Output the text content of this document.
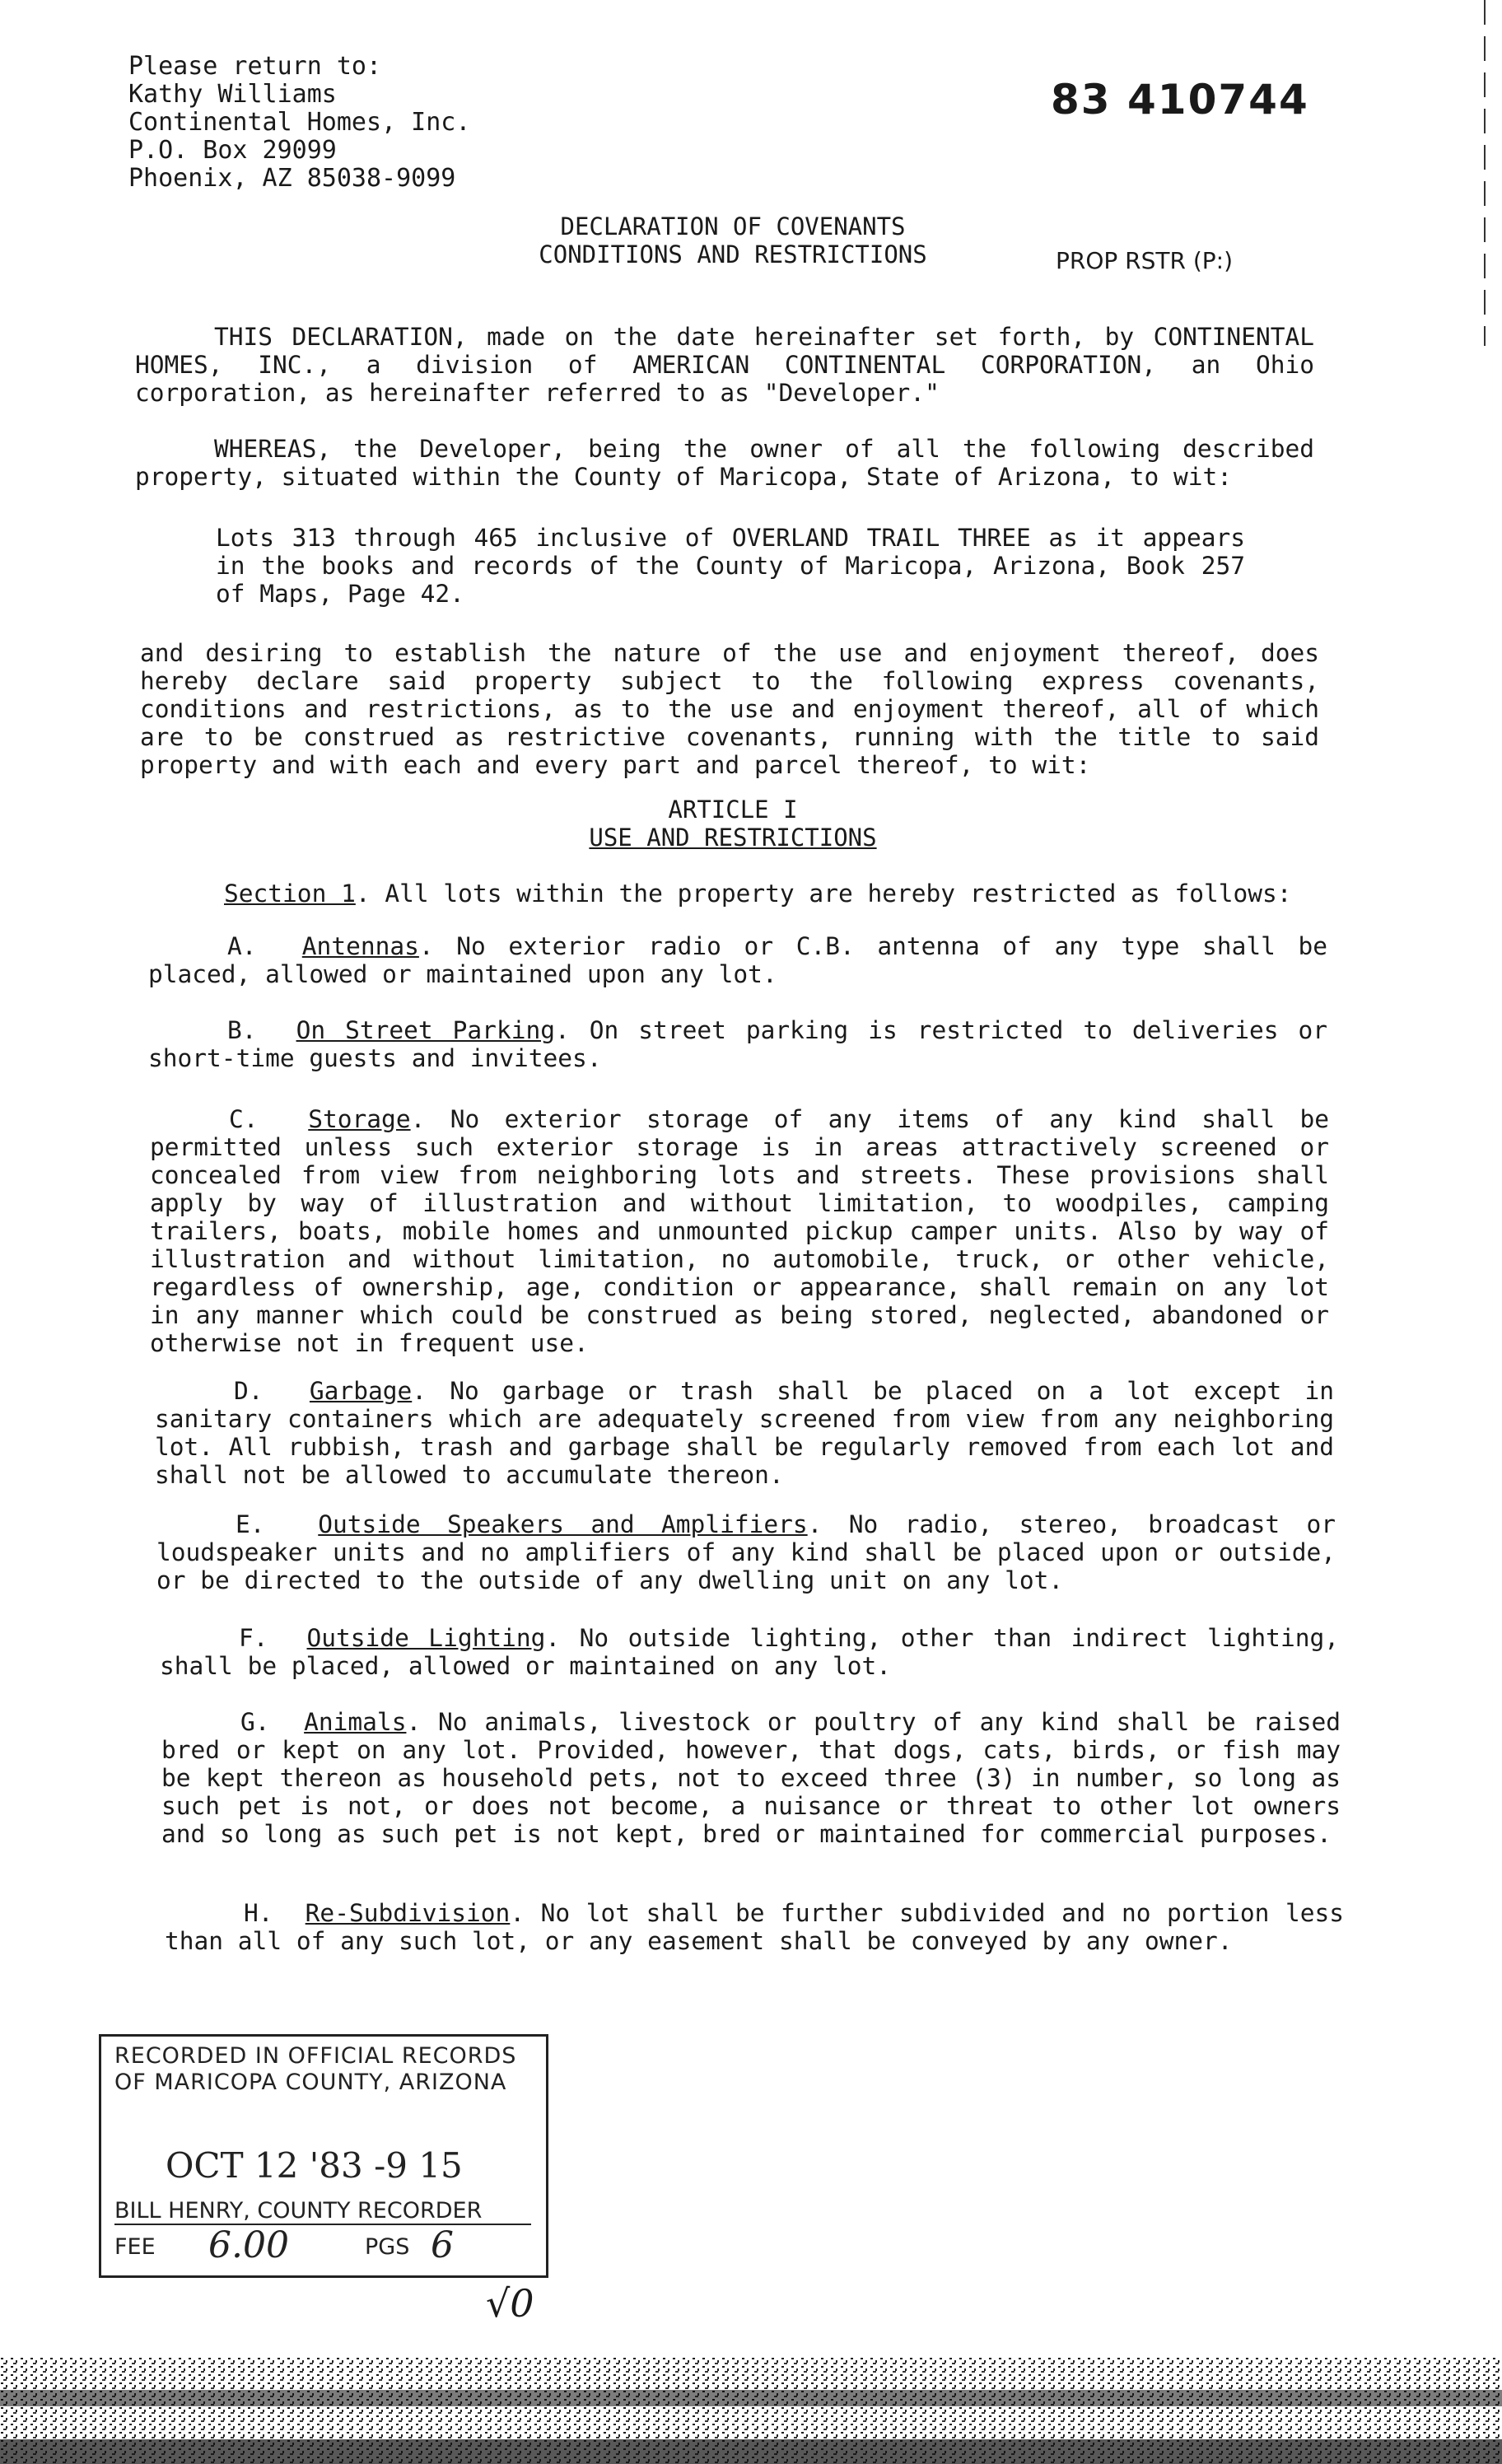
Please return to:
Kathy Williams
Continental Homes, Inc.
P.O. Box 29099
Phoenix, AZ 85038-9099
83 410744
DECLARATION OF COVENANTS
CONDITIONS AND RESTRICTIONS	PROP RSTR (P:)
THIS DECLARATION, made on the date hereinafter set forth, by CONTINENTAL HOMES, INC., a division of AMERICAN CONTINENTAL CORPORATION, an Ohio corporation, as hereinafter referred to as "Developer."
WHEREAS, the Developer, being the owner of all the following described property, situated within the County of Maricopa, State of Arizona, to wit:
Lots 313 through 465 inclusive of OVERLAND TRAIL THREE as it appears in the books and records of the County of Maricopa, Arizona, Book 257 of Maps, Page 42.
and desiring to establish the nature of the use and enjoyment thereof, does hereby declare said property subject to the following express covenants, conditions and restrictions, as to the use and enjoyment thereof, all of which are to be construed as restrictive covenants, running with the title to said property and with each and every part and parcel thereof, to wit:
ARTICLE I
USE AND RESTRICTIONS
Section 1. All lots within the property are hereby restricted as follows:
A. Antennas. No exterior radio or C.B. antenna of any type shall be placed, allowed or maintained upon any lot.
B. On Street Parking. On street parking is restricted to deliveries or short-time guests and invitees.
C. Storage. No exterior storage of any items of any kind shall be permitted unless such exterior storage is in areas attractively screened or concealed from view from neighboring lots and streets. These provisions shall apply by way of illustration and without limitation, to woodpiles, camping trailers, boats, mobile homes and unmounted pickup camper units. Also by way of illustration and without limitation, no automobile, truck, or other vehicle, regardless of ownership, age, condition or appearance, shall remain on any lot in any manner which could be construed as being stored, neglected, abandoned or otherwise not in frequent use.
D. Garbage. No garbage or trash shall be placed on a lot except in sanitary containers which are adequately screened from view from any neighboring lot. All rubbish, trash and garbage shall be regularly removed from each lot and shall not be allowed to accumulate thereon.
E. Outside Speakers and Amplifiers. No radio, stereo, broadcast or loudspeaker units and no amplifiers of any kind shall be placed upon or outside, or be directed to the outside of any dwelling unit on any lot.
F. Outside Lighting. No outside lighting, other than indirect lighting, shall be placed, allowed or maintained on any lot.
G. Animals. No animals, livestock or poultry of any kind shall be raised bred or kept on any lot. Provided, however, that dogs, cats, birds, or fish may be kept thereon as household pets, not to exceed three (3) in number, so long as such pet is not, or does not become, a nuisance or threat to other lot owners and so long as such pet is not kept, bred or maintained for commercial purposes.
H. Re-Subdivision. No lot shall be further subdivided and no portion less than all of any such lot, or any easement shall be conveyed by any owner.
RECORDED IN OFFICIAL RECORDS
OF MARICOPA COUNTY, ARIZONA
OCT 12 '83 -9 15
BILL HENRY, COUNTY RECORDER
FEE 6.00	PGS 6
√0
